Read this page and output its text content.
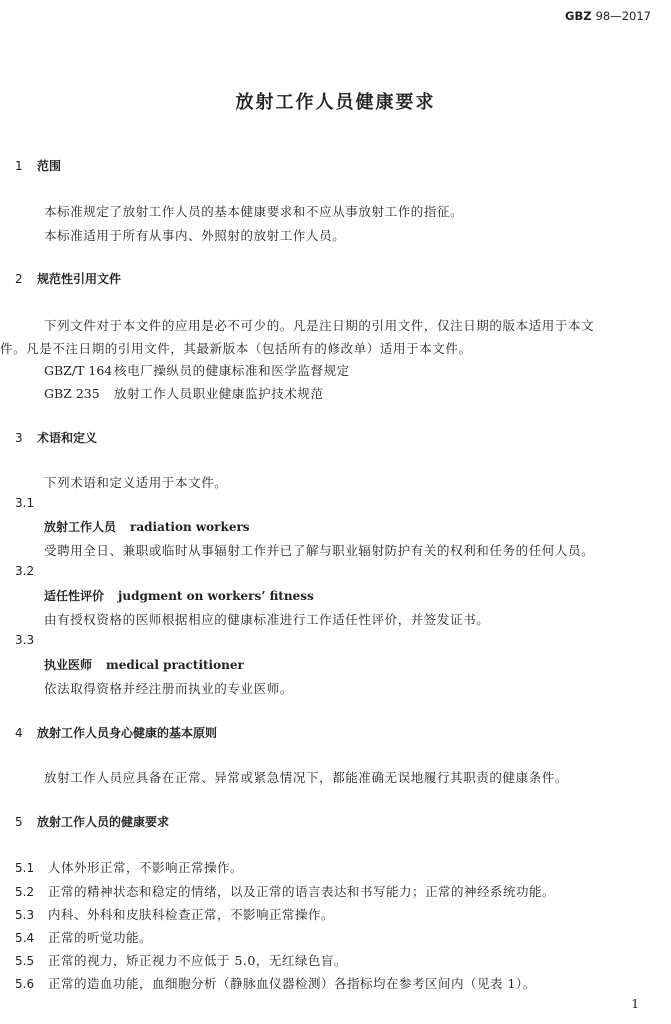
GBZ 98—2017
放射工作人员健康要求
1 范围
本标准规定了放射工作人员的基本健康要求和不应从事放射工作的指征。
本标准适用于所有从事内、外照射的放射工作人员。
2 规范性引用文件
下列文件对于本文件的应用是必不可少的。凡是注日期的引用文件，仅注日期的版本适用于本文
件。凡是不注日期的引用文件，其最新版本（包括所有的修改单）适用于本文件。
GBZ/T 164 核电厂操纵员的健康标准和医学监督规定
GBZ 235 放射工作人员职业健康监护技术规范
3 术语和定义
下列术语和定义适用于本文件。
3.1
放射工作人员 radiation workers
受聘用全日、兼职或临时从事辐射工作并已了解与职业辐射防护有关的权利和任务的任何人员。
3.2
适任性评价 judgment on workers’ fitness
由有授权资格的医师根据相应的健康标准进行工作适任性评价，并签发证书。
3.3
执业医师 medical practitioner
依法取得资格并经注册而执业的专业医师。
4 放射工作人员身心健康的基本原则
放射工作人员应具备在正常、异常或紧急情况下，都能准确无误地履行其职责的健康条件。
5 放射工作人员的健康要求
5.1 人体外形正常，不影响正常操作。
5.2 正常的精神状态和稳定的情绪，以及正常的语言表达和书写能力；正常的神经系统功能。
5.3 内科、外科和皮肤科检查正常，不影响正常操作。
5.4 正常的听觉功能。
5.5 正常的视力，矫正视力不应低于 5.0，无红绿色盲。
5.6 正常的造血功能，血细胞分析（静脉血仪器检测）各指标均在参考区间内（见表 1）。
1
